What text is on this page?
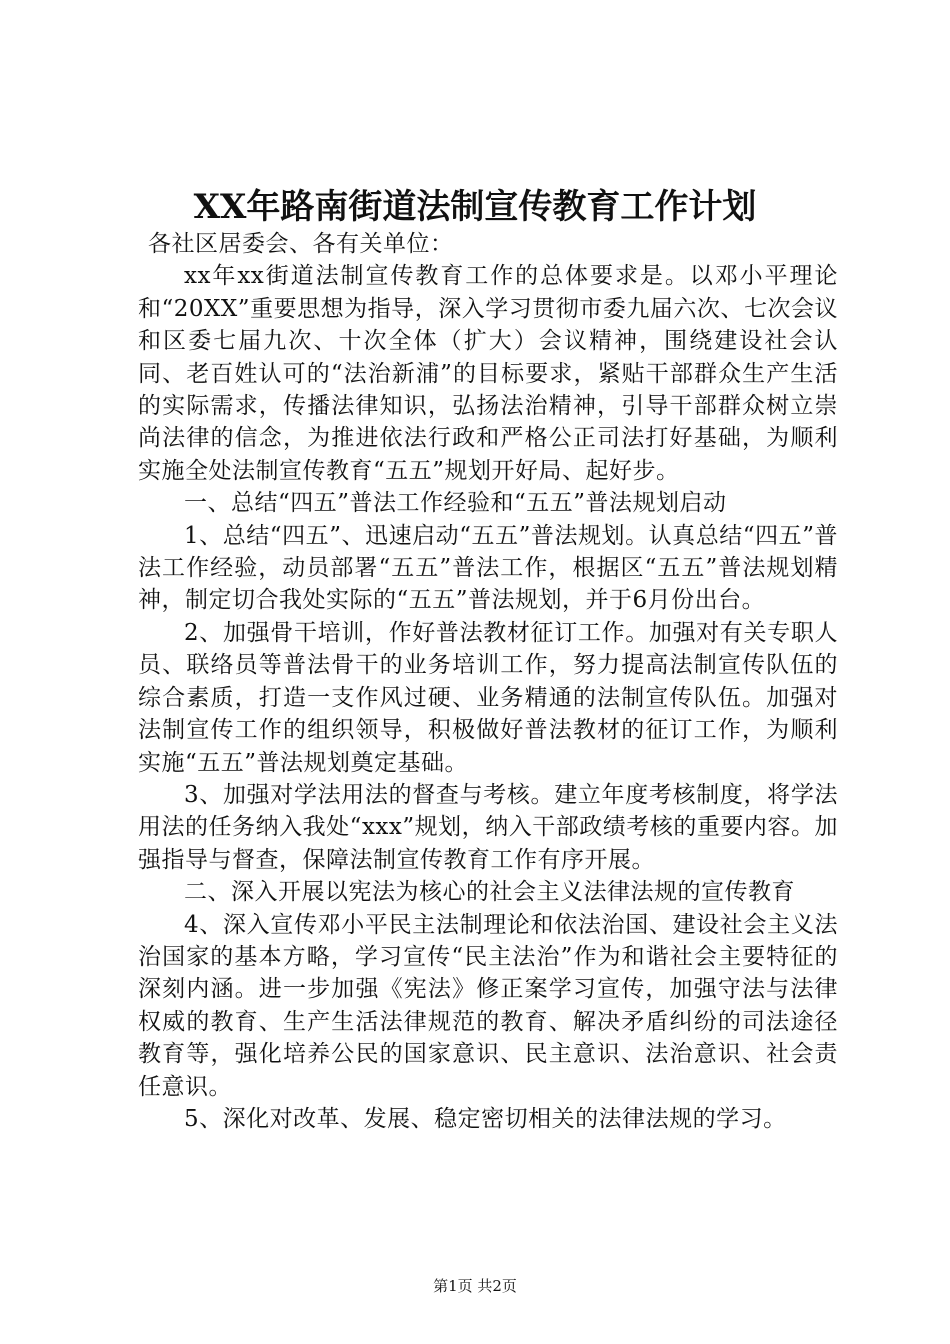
XX年路南街道法制宣传教育工作计划

各社区居委会、各有关单位：

xx年xx街道法制宣传教育工作的总体要求是。以邓小平理论和“20XX”重要思想为指导，深入学习贯彻市委九届六次、七次会议和区委七届九次、十次全体（扩大）会议精神，围绕建设社会认同、老百姓认可的“法治新浦”的目标要求，紧贴干部群众生产生活的实际需求，传播法律知识，弘扬法治精神，引导干部群众树立崇尚法律的信念，为推进依法行政和严格公正司法打好基础，为顺利实施全处法制宣传教育“五五”规划开好局、起好步。

一、总结“四五”普法工作经验和“五五”普法规划启动

1、总结“四五”、迅速启动“五五”普法规划。认真总结“四五”普法工作经验，动员部署“五五”普法工作，根据区“五五”普法规划精神，制定切合我处实际的“五五”普法规划，并于6月份出台。

2、加强骨干培训，作好普法教材征订工作。加强对有关专职人员、联络员等普法骨干的业务培训工作，努力提高法制宣传队伍的综合素质，打造一支作风过硬、业务精通的法制宣传队伍。加强对法制宣传工作的组织领导，积极做好普法教材的征订工作，为顺利实施“五五”普法规划奠定基础。

3、加强对学法用法的督查与考核。建立年度考核制度，将学法用法的任务纳入我处“xxx”规划，纳入干部政绩考核的重要内容。加强指导与督查，保障法制宣传教育工作有序开展。

二、深入开展以宪法为核心的社会主义法律法规的宣传教育

4、深入宣传邓小平民主法制理论和依法治国、建设社会主义法治国家的基本方略，学习宣传“民主法治”作为和谐社会主要特征的深刻内涵。进一步加强《宪法》修正案学习宣传，加强守法与法律权威的教育、生产生活法律规范的教育、解决矛盾纠纷的司法途径教育等，强化培养公民的国家意识、民主意识、法治意识、社会责任意识。

5、深化对改革、发展、稳定密切相关的法律法规的学习。

第1页 共2页
